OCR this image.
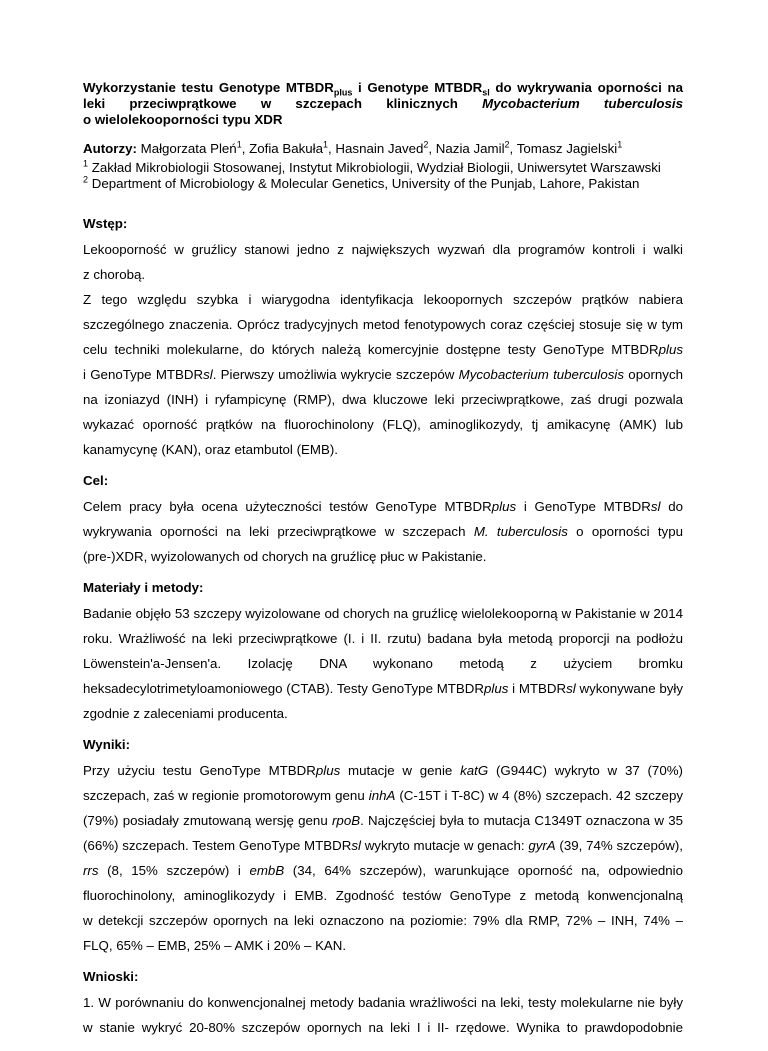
Wykorzystanie testu Genotype $MTBDR_{plus}$ i Genotype $MTBDR_{sl}$ do wykrywania oporności na
leki przeciwprątkowe w szczepach klinicznych Mycobacterium tuberculosis
o wielolekooporności typu XDR
Autorzy: Małgorzata Pleń$^1$, Zofia Bakuła$^1$, Hasnain Javed$^2$, Nazia Jamil$^2$, Tomasz Jagielski$^1$
$^1$ Zakład Mikrobiologii Stosowanej, Instytut Mikrobiologii, Wydział Biologii, Uniwersytet Warszawski
$^2$ Department of Microbiology & Molecular Genetics, University of the Punjab, Lahore, Pakistan
Wstęp:

Lekooporność w gruźlicy stanowi jedno z największych wyzwań dla programów kontroli i walki
z chorobą.
Z tego względu szybka i wiarygodna identyfikacja lekoopornych szczepów prątków nabiera
szczególnego znaczenia. Oprócz tradycyjnych metod fenotypowych coraz częściej stosuje się w tym
celu techniki molekularne, do których należą komercyjnie dostępne testy GenoType MTBDRplus
i GenoType MTBDRsl. Pierwszy umożliwia wykrycie szczepów Mycobacterium tuberculosis opornych
na izoniazyd (INH) i ryfampicynę (RMP), dwa kluczowe leki przeciwprątkowe, zaś drugi pozwala
wykazać oporność prątków na fluorochinolony (FLQ), aminoglikozydy, tj amikacynę (AMK) lub
kanamycynę (KAN), oraz etambutol (EMB).

Cel:

Celem pracy była ocena użyteczności testów GenoType MTBDRplus i GenoType MTBDRsl do
wykrywania oporności na leki przeciwprątkowe w szczepach M. tuberculosis o oporności typu
(pre-)XDR, wyizolowanych od chorych na gruźlicę płuc w Pakistanie.

Materiały i metody:

Badanie objęło 53 szczepy wyizolowane od chorych na gruźlicę wielolekooporną w Pakistanie w 2014
roku. Wrażliwość na leki przeciwprątkowe (I. i II. rzutu) badana była metodą proporcji na podłożu
Löwenstein'a-Jensen'a. Izolację DNA wykonano metodą z użyciem bromku
heksadecylotrimetyloamoniowego (CTAB). Testy GenoType MTBDRplus i MTBDRsl wykonywane były
zgodnie z zaleceniami producenta.

Wyniki:

Przy użyciu testu GenoType MTBDRplus mutacje w genie katG (G944C) wykryto w 37 (70%)
szczepach, zaś w regionie promotorowym genu inhA (C-15T i T-8C) w 4 (8%) szczepach. 42 szczepy
(79%) posiadały zmutowaną wersję genu rpoB. Najczęściej była to mutacja C1349T oznaczona w 35
(66%) szczepach. Testem GenoType MTBDRsl wykryto mutacje w genach: gyrA (39, 74% szczepów),
rrs (8, 15% szczepów) i embB (34, 64% szczepów), warunkujące oporność na, odpowiednio
fluorochinolony, aminoglikozydy i EMB. Zgodność testów GenoType z metodą konwencjonalną
w detekcji szczepów opornych na leki oznaczono na poziomie: 79% dla RMP, 72% – INH, 74% –
FLQ, 65% – EMB, 25% – AMK i 20% – KAN.

Wnioski:

1. W porównaniu do konwencjonalnej metody badania wrażliwości na leki, testy molekularne nie były
w stanie wykryć 20-80% szczepów opornych na leki I i II- rzędowe. Wynika to prawdopodobnie
